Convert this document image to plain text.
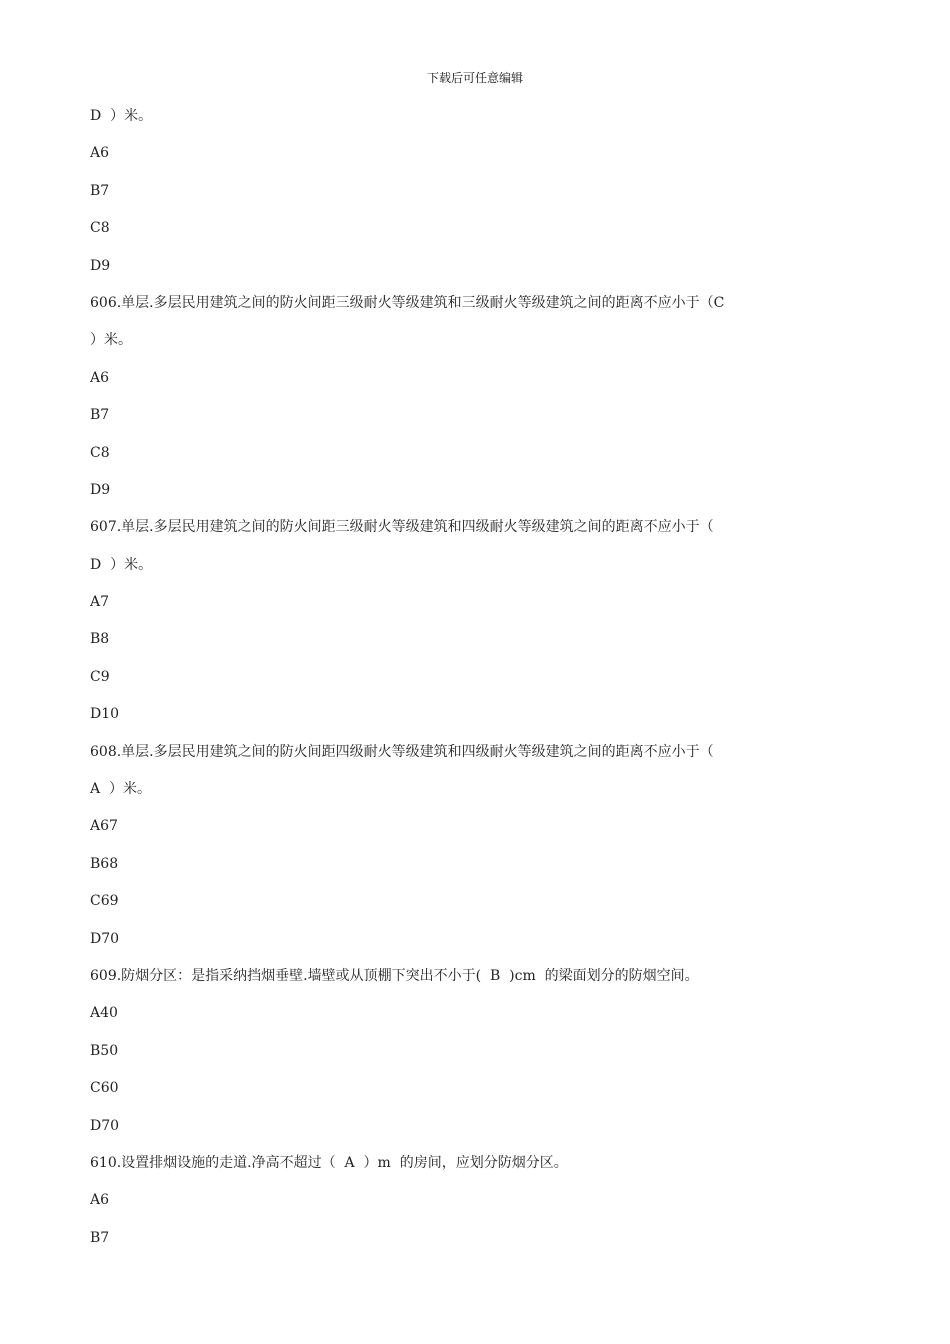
下载后可任意编辑
D  ）米。
A6
B7
C8
D9
606.单层.多层民用建筑之间的防火间距三级耐火等级建筑和三级耐火等级建筑之间的距离不应小于（C
）米。
A6
B7
C8
D9
607.单层.多层民用建筑之间的防火间距三级耐火等级建筑和四级耐火等级建筑之间的距离不应小于（
D  ）米。
A7
B8
C9
D10
608.单层.多层民用建筑之间的防火间距四级耐火等级建筑和四级耐火等级建筑之间的距离不应小于（
A  ）米。
A67
B68
C69
D70
609.防烟分区：是指采纳挡烟垂壁.墙壁或从顶棚下突出不小于(  B  )cm  的梁面划分的防烟空间。
A40
B50
C60
D70
610.设置排烟设施的走道.净高不超过（  A  ）m  的房间，应划分防烟分区。
A6
B7
